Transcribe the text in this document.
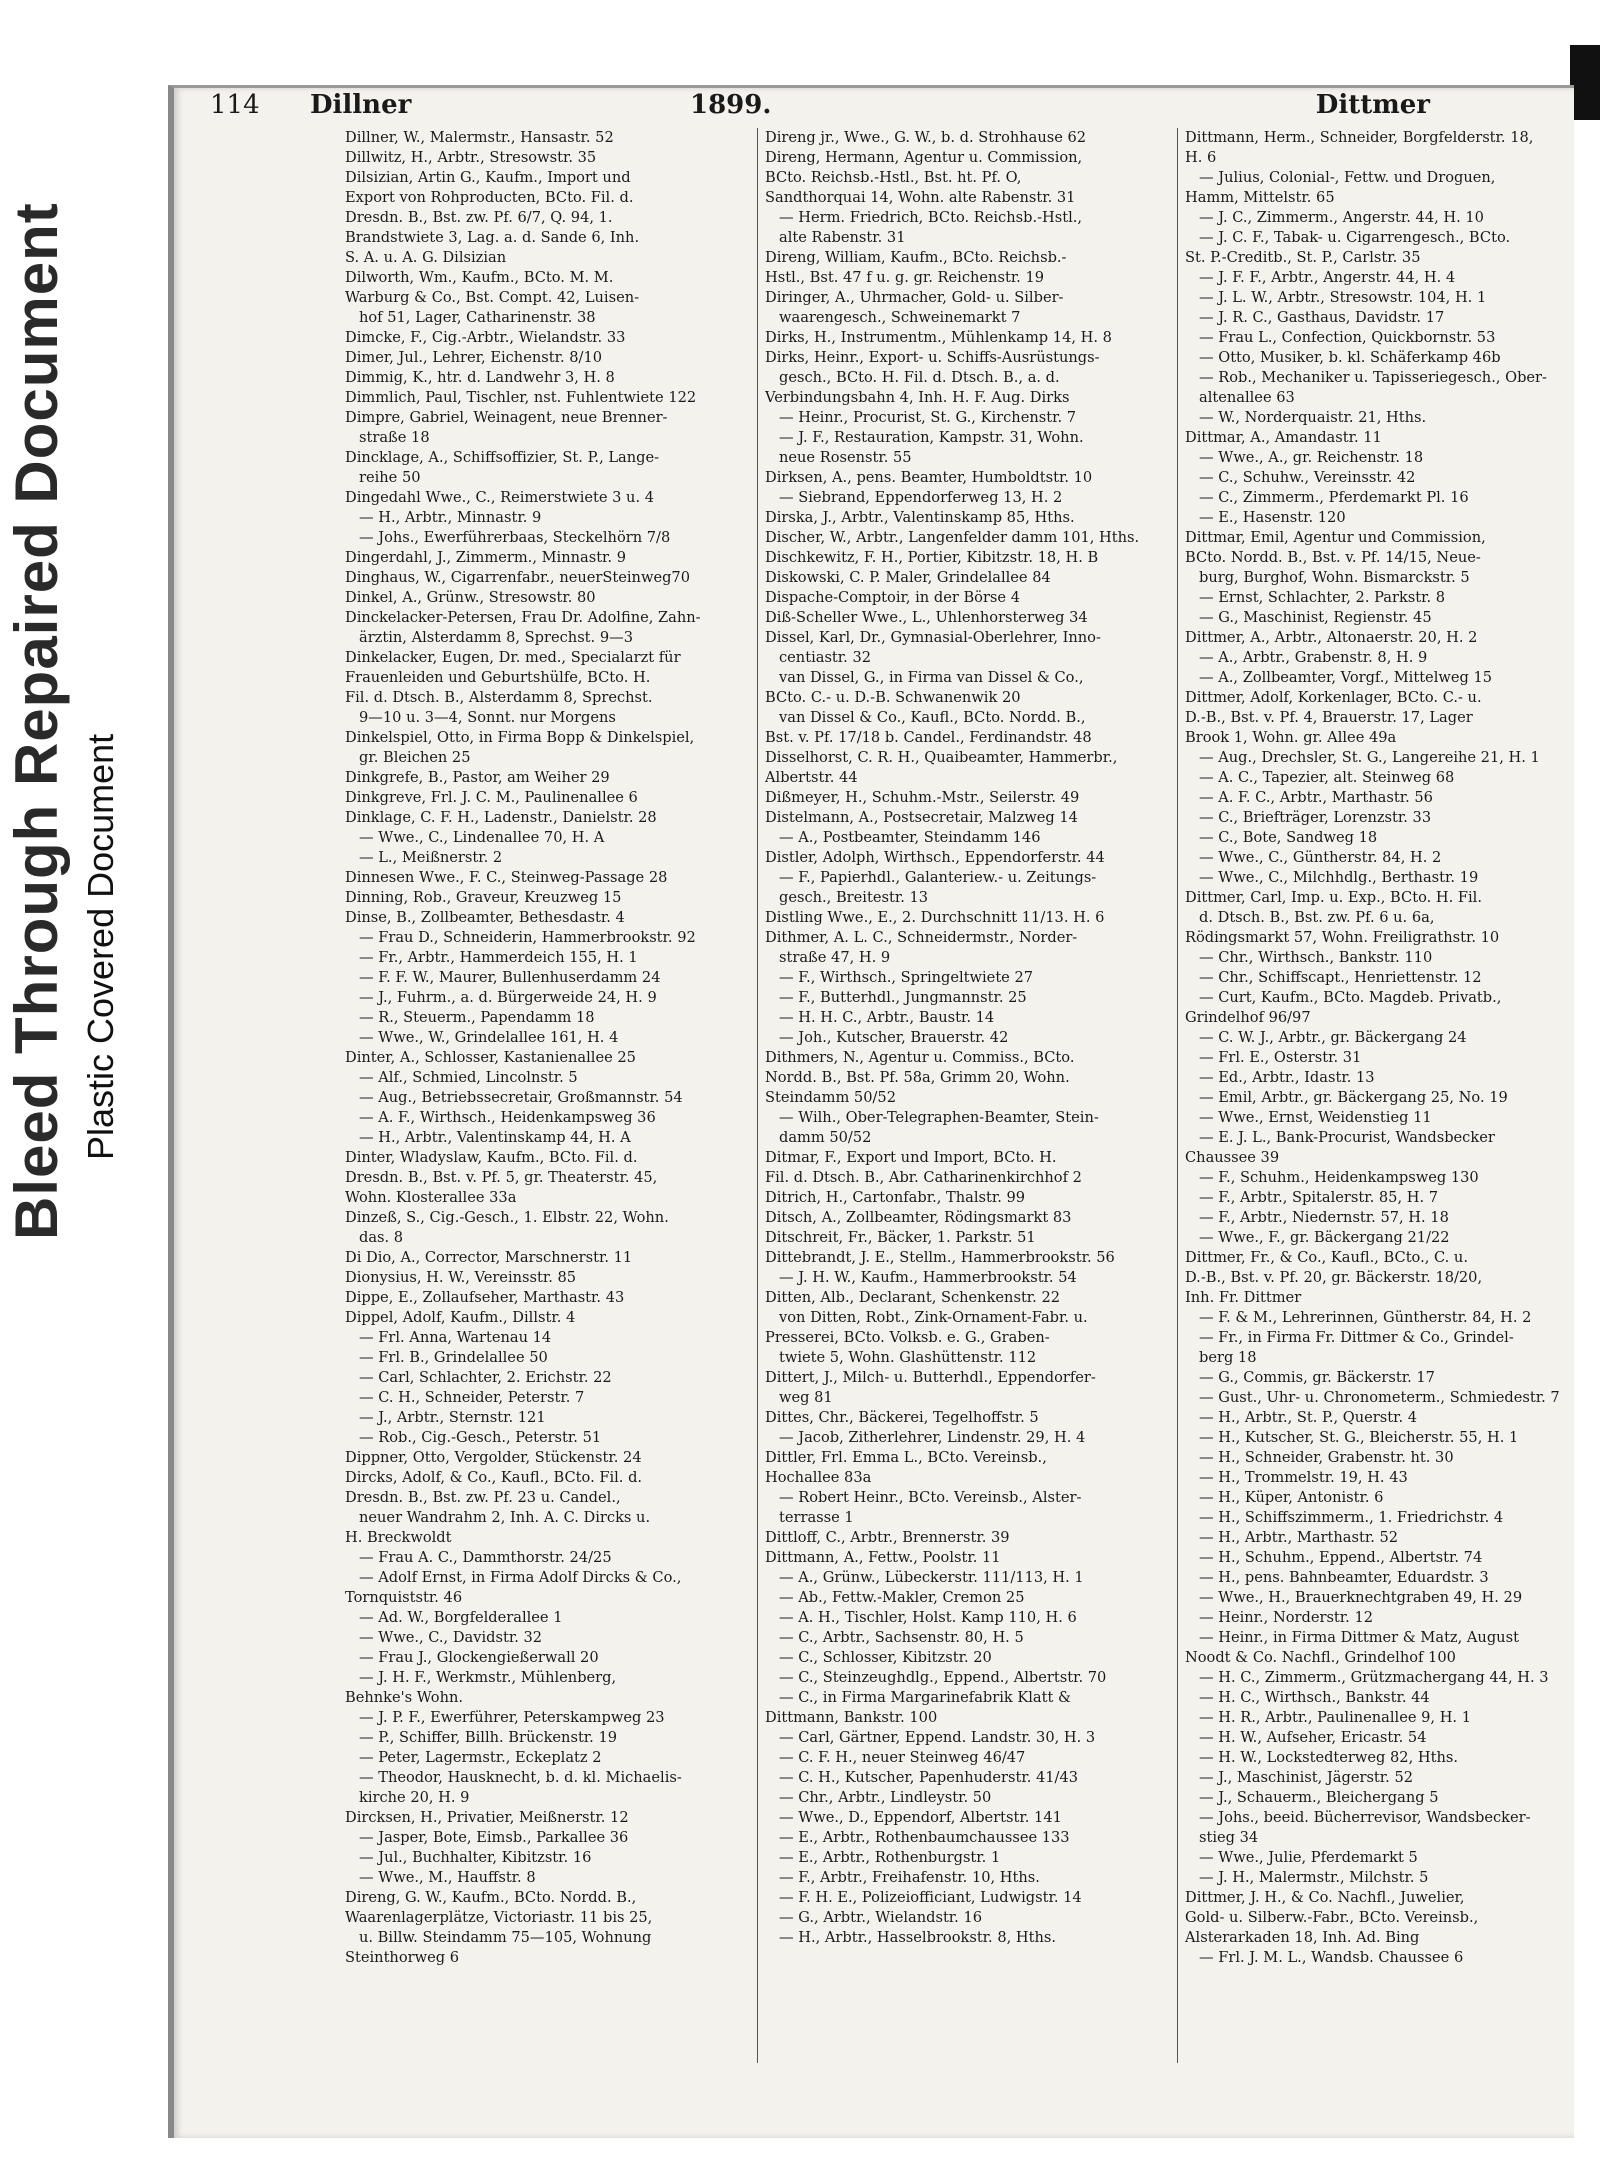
Bleed Through Repaired Document Plastic Covered Document
114 Dillner	1899.	Dittmer
Dillner, W., Malermstr., Hansastr. 52
Dillwitz, H., Arbtr., Stresowstr. 35
Dilsizian, Artin G., Kaufm., Import und
Export von Rohproducten, BCto. Fil. d.
Dresdn. B., Bst. zw. Pf. 6/7, Q. 94, 1.
Brandstwiete 3, Lag. a. d. Sande 6, Inh.
S. A. u. A. G. Dilsizian
Dilworth, Wm., Kaufm., BCto. M. M.
Warburg & Co., Bst. Compt. 42, Luisen-
hof 51, Lager, Catharinenstr. 38
Dimcke, F., Cig.-Arbtr., Wielandstr. 33
Dimer, Jul., Lehrer, Eichenstr. 8/10
Dimmig, K., htr. d. Landwehr 3, H. 8
Dimmlich, Paul, Tischler, nst. Fuhlentwiete 122
Dimpre, Gabriel, Weinagent, neue Brenner-
straße 18
Dincklage, A., Schiffsoffizier, St. P., Lange-
reihe 50
Dingedahl Wwe., C., Reimerstwiete 3 u. 4
— H., Arbtr., Minnastr. 9
— Johs., Ewerführerbaas, Steckelhörn 7/8
Dingerdahl, J., Zimmerm., Minnastr. 9
Dinghaus, W., Cigarrenfabr., neuerSteinweg70
Dinkel, A., Grünw., Stresowstr. 80
Dinckelacker-Petersen, Frau Dr. Adolfine, Zahn-
ärztin, Alsterdamm 8, Sprechst. 9—3
Dinkelacker, Eugen, Dr. med., Specialarzt für
Frauenleiden und Geburtshülfe, BCto. H.
Fil. d. Dtsch. B., Alsterdamm 8, Sprechst.
9—10 u. 3—4, Sonnt. nur Morgens
Dinkelspiel, Otto, in Firma Bopp & Dinkelspiel,
gr. Bleichen 25
Dinkgrefe, B., Pastor, am Weiher 29
Dinkgreve, Frl. J. C. M., Paulinenallee 6
Dinklage, C. F. H., Ladenstr., Danielstr. 28
— Wwe., C., Lindenallee 70, H. A
— L., Meißnerstr. 2
Dinnesen Wwe., F. C., Steinweg-Passage 28
Dinning, Rob., Graveur, Kreuzweg 15
Dinse, B., Zollbeamter, Bethesdastr. 4
— Frau D., Schneiderin, Hammerbrookstr. 92
— Fr., Arbtr., Hammerdeich 155, H. 1
— F. F. W., Maurer, Bullenhuserdamm 24
— J., Fuhrm., a. d. Bürgerweide 24, H. 9
— R., Steuerm., Papendamm 18
— Wwe., W., Grindelallee 161, H. 4
Dinter, A., Schlosser, Kastanienallee 25
— Alf., Schmied, Lincolnstr. 5
— Aug., Betriebssecretair, Großmannstr. 54
— A. F., Wirthsch., Heidenkampsweg 36
— H., Arbtr., Valentinskamp 44, H. A
Dinter, Wladyslaw, Kaufm., BCto. Fil. d.
Dresdn. B., Bst. v. Pf. 5, gr. Theaterstr. 45,
Wohn. Klosterallee 33a
Dinzeß, S., Cig.-Gesch., 1. Elbstr. 22, Wohn.
das. 8
Di Dio, A., Corrector, Marschnerstr. 11
Dionysius, H. W., Vereinsstr. 85
Dippe, E., Zollaufseher, Marthastr. 43
Dippel, Adolf, Kaufm., Dillstr. 4
— Frl. Anna, Wartenau 14
— Frl. B., Grindelallee 50
— Carl, Schlachter, 2. Erichstr. 22
— C. H., Schneider, Peterstr. 7
— J., Arbtr., Sternstr. 121
— Rob., Cig.-Gesch., Peterstr. 51
Dippner, Otto, Vergolder, Stückenstr. 24
Dircks, Adolf, & Co., Kaufl., BCto. Fil. d.
Dresdn. B., Bst. zw. Pf. 23 u. Candel.,
neuer Wandrahm 2, Inh. A. C. Dircks u.
H. Breckwoldt
— Frau A. C., Dammthorstr. 24/25
— Adolf Ernst, in Firma Adolf Dircks & Co.,
Tornquiststr. 46
— Ad. W., Borgfelderallee 1
— Wwe., C., Davidstr. 32
— Frau J., Glockengießerwall 20
— J. H. F., Werkmstr., Mühlenberg,
Behnke's Wohn.
— J. P. F., Ewerführer, Peterskampweg 23
— P., Schiffer, Billh. Brückenstr. 19
— Peter, Lagermstr., Eckeplatz 2
— Theodor, Hausknecht, b. d. kl. Michaelis-
kirche 20, H. 9
Dircksen, H., Privatier, Meißnerstr. 12
— Jasper, Bote, Eimsb., Parkallee 36
— Jul., Buchhalter, Kibitzstr. 16
— Wwe., M., Hauffstr. 8
Direng, G. W., Kaufm., BCto. Nordd. B.,
Waarenlagerplätze, Victoriastr. 11 bis 25,
u. Billw. Steindamm 75—105, Wohnung
Steinthorweg 6
Direng jr., Wwe., G. W., b. d. Strohhause 62
Direng, Hermann, Agentur u. Commission,
BCto. Reichsb.-Hstl., Bst. ht. Pf. O,
Sandthorquai 14, Wohn. alte Rabenstr. 31
— Herm. Friedrich, BCto. Reichsb.-Hstl.,
alte Rabenstr. 31
Direng, William, Kaufm., BCto. Reichsb.-
Hstl., Bst. 47 f u. g. gr. Reichenstr. 19
Diringer, A., Uhrmacher, Gold- u. Silber-
waarengesch., Schweinemarkt 7
Dirks, H., Instrumentm., Mühlenkamp 14, H. 8
Dirks, Heinr., Export- u. Schiffs-Ausrüstungs-
gesch., BCto. H. Fil. d. Dtsch. B., a. d.
Verbindungsbahn 4, Inh. H. F. Aug. Dirks
— Heinr., Procurist, St. G., Kirchenstr. 7
— J. F., Restauration, Kampstr. 31, Wohn.
neue Rosenstr. 55
Dirksen, A., pens. Beamter, Humboldtstr. 10
— Siebrand, Eppendorferweg 13, H. 2
Dirska, J., Arbtr., Valentinskamp 85, Hths.
Discher, W., Arbtr., Langenfelder damm 101, Hths.
Dischkewitz, F. H., Portier, Kibitzstr. 18, H. B
Diskowski, C. P. Maler, Grindelallee 84
Dispache-Comptoir, in der Börse 4
Diß-Scheller Wwe., L., Uhlenhorsterweg 34
Dissel, Karl, Dr., Gymnasial-Oberlehrer, Inno-
centiastr. 32
van Dissel, G., in Firma van Dissel & Co.,
BCto. C.- u. D.-B. Schwanenwik 20
van Dissel & Co., Kaufl., BCto. Nordd. B.,
Bst. v. Pf. 17/18 b. Candel., Ferdinandstr. 48
Disselhorst, C. R. H., Quaibeamter, Hammerbr.,
Albertstr. 44
Dißmeyer, H., Schuhm.-Mstr., Seilerstr. 49
Distelmann, A., Postsecretair, Malzweg 14
— A., Postbeamter, Steindamm 146
Distler, Adolph, Wirthsch., Eppendorferstr. 44
— F., Papierhdl., Galanteriew.- u. Zeitungs-
gesch., Breitestr. 13
Distling Wwe., E., 2. Durchschnitt 11/13. H. 6
Dithmer, A. L. C., Schneidermstr., Norder-
straße 47, H. 9
— F., Wirthsch., Springeltwiete 27
— F., Butterhdl., Jungmannstr. 25
— H. H. C., Arbtr., Baustr. 14
— Joh., Kutscher, Brauerstr. 42
Dithmers, N., Agentur u. Commiss., BCto.
Nordd. B., Bst. Pf. 58a, Grimm 20, Wohn.
Steindamm 50/52
— Wilh., Ober-Telegraphen-Beamter, Stein-
damm 50/52
Ditmar, F., Export und Import, BCto. H.
Fil. d. Dtsch. B., Abr. Catharinenkirchhof 2
Ditrich, H., Cartonfabr., Thalstr. 99
Ditsch, A., Zollbeamter, Rödingsmarkt 83
Ditschreit, Fr., Bäcker, 1. Parkstr. 51
Dittebrandt, J. E., Stellm., Hammerbrookstr. 56
— J. H. W., Kaufm., Hammerbrookstr. 54
Ditten, Alb., Declarant, Schenkenstr. 22
von Ditten, Robt., Zink-Ornament-Fabr. u.
Presserei, BCto. Volksb. e. G., Graben-
twiete 5, Wohn. Glashüttenstr. 112
Dittert, J., Milch- u. Butterhdl., Eppendorfer-
weg 81
Dittes, Chr., Bäckerei, Tegelhoffstr. 5
— Jacob, Zitherlehrer, Lindenstr. 29, H. 4
Dittler, Frl. Emma L., BCto. Vereinsb.,
Hochallee 83a
— Robert Heinr., BCto. Vereinsb., Alster-
terrasse 1
Dittloff, C., Arbtr., Brennerstr. 39
Dittmann, A., Fettw., Poolstr. 11
— A., Grünw., Lübeckerstr. 111/113, H. 1
— Ab., Fettw.-Makler, Cremon 25
— A. H., Tischler, Holst. Kamp 110, H. 6
— C., Arbtr., Sachsenstr. 80, H. 5
— C., Schlosser, Kibitzstr. 20
— C., Steinzeughdlg., Eppend., Albertstr. 70
— C., in Firma Margarinefabrik Klatt &
Dittmann, Bankstr. 100
— Carl, Gärtner, Eppend. Landstr. 30, H. 3
— C. F. H., neuer Steinweg 46/47
— C. H., Kutscher, Papenhuderstr. 41/43
— Chr., Arbtr., Lindleystr. 50
— Wwe., D., Eppendorf, Albertstr. 141
— E., Arbtr., Rothenbaumchaussee 133
— E., Arbtr., Rothenburgstr. 1
— F., Arbtr., Freihafenstr. 10, Hths.
— F. H. E., Polizeiofficiant, Ludwigstr. 14
— G., Arbtr., Wielandstr. 16
— H., Arbtr., Hasselbrookstr. 8, Hths.
Dittmann, Herm., Schneider, Borgfelderstr. 18,
H. 6
— Julius, Colonial-, Fettw. und Droguen,
Hamm, Mittelstr. 65
— J. C., Zimmerm., Angerstr. 44, H. 10
— J. C. F., Tabak- u. Cigarrengesch., BCto.
St. P.-Creditb., St. P., Carlstr. 35
— J. F. F., Arbtr., Angerstr. 44, H. 4
— J. L. W., Arbtr., Stresowstr. 104, H. 1
— J. R. C., Gasthaus, Davidstr. 17
— Frau L., Confection, Quickbornstr. 53
— Otto, Musiker, b. kl. Schäferkamp 46b
— Rob., Mechaniker u. Tapisseriegesch., Ober-
altenallee 63
— W., Norderquaistr. 21, Hths.
Dittmar, A., Amandastr. 11
— Wwe., A., gr. Reichenstr. 18
— C., Schuhw., Vereinsstr. 42
— C., Zimmerm., Pferdemarkt Pl. 16
— E., Hasenstr. 120
Dittmar, Emil, Agentur und Commission,
BCto. Nordd. B., Bst. v. Pf. 14/15, Neue-
burg, Burghof, Wohn. Bismarckstr. 5
— Ernst, Schlachter, 2. Parkstr. 8
— G., Maschinist, Regienstr. 45
Dittmer, A., Arbtr., Altonaerstr. 20, H. 2
— A., Arbtr., Grabenstr. 8, H. 9
— A., Zollbeamter, Vorgf., Mittelweg 15
Dittmer, Adolf, Korkenlager, BCto. C.- u.
D.-B., Bst. v. Pf. 4, Brauerstr. 17, Lager
Brook 1, Wohn. gr. Allee 49a
— Aug., Drechsler, St. G., Langereihe 21, H. 1
— A. C., Tapezier, alt. Steinweg 68
— A. F. C., Arbtr., Marthastr. 56
— C., Briefträger, Lorenzstr. 33
— C., Bote, Sandweg 18
— Wwe., C., Güntherstr. 84, H. 2
— Wwe., C., Milchhdlg., Berthastr. 19
Dittmer, Carl, Imp. u. Exp., BCto. H. Fil.
d. Dtsch. B., Bst. zw. Pf. 6 u. 6a,
Rödingsmarkt 57, Wohn. Freiligrathstr. 10
— Chr., Wirthsch., Bankstr. 110
— Chr., Schiffscapt., Henriettenstr. 12
— Curt, Kaufm., BCto. Magdeb. Privatb.,
Grindelhof 96/97
— C. W. J., Arbtr., gr. Bäckergang 24
— Frl. E., Osterstr. 31
— Ed., Arbtr., Idastr. 13
— Emil, Arbtr., gr. Bäckergang 25, No. 19
— Wwe., Ernst, Weidenstieg 11
— E. J. L., Bank-Procurist, Wandsbecker
Chaussee 39
— F., Schuhm., Heidenkampsweg 130
— F., Arbtr., Spitalerstr. 85, H. 7
— F., Arbtr., Niedernstr. 57, H. 18
— Wwe., F., gr. Bäckergang 21/22
Dittmer, Fr., & Co., Kaufl., BCto., C. u.
D.-B., Bst. v. Pf. 20, gr. Bäckerstr. 18/20,
Inh. Fr. Dittmer
— F. & M., Lehrerinnen, Güntherstr. 84, H. 2
— Fr., in Firma Fr. Dittmer & Co., Grindel-
berg 18
— G., Commis, gr. Bäckerstr. 17
— Gust., Uhr- u. Chronometerm., Schmiedestr. 7
— H., Arbtr., St. P., Querstr. 4
— H., Kutscher, St. G., Bleicherstr. 55, H. 1
— H., Schneider, Grabenstr. ht. 30
— H., Trommelstr. 19, H. 43
— H., Küper, Antonistr. 6
— H., Schiffszimmerm., 1. Friedrichstr. 4
— H., Arbtr., Marthastr. 52
— H., Schuhm., Eppend., Albertstr. 74
— H., pens. Bahnbeamter, Eduardstr. 3
— Wwe., H., Brauerknechtgraben 49, H. 29
— Heinr., Norderstr. 12
— Heinr., in Firma Dittmer & Matz, August
Noodt & Co. Nachfl., Grindelhof 100
— H. C., Zimmerm., Grützmachergang 44, H. 3
— H. C., Wirthsch., Bankstr. 44
— H. R., Arbtr., Paulinenallee 9, H. 1
— H. W., Aufseher, Ericastr. 54
— H. W., Lockstedterweg 82, Hths.
— J., Maschinist, Jägerstr. 52
— J., Schauerm., Bleichergang 5
— Johs., beeid. Bücherrevisor, Wandsbecker-
stieg 34
— Wwe., Julie, Pferdemarkt 5
— J. H., Malermstr., Milchstr. 5
Dittmer, J. H., & Co. Nachfl., Juwelier,
Gold- u. Silberw.-Fabr., BCto. Vereinsb.,
Alsterarkaden 18, Inh. Ad. Bing
— Frl. J. M. L., Wandsb. Chaussee 6
